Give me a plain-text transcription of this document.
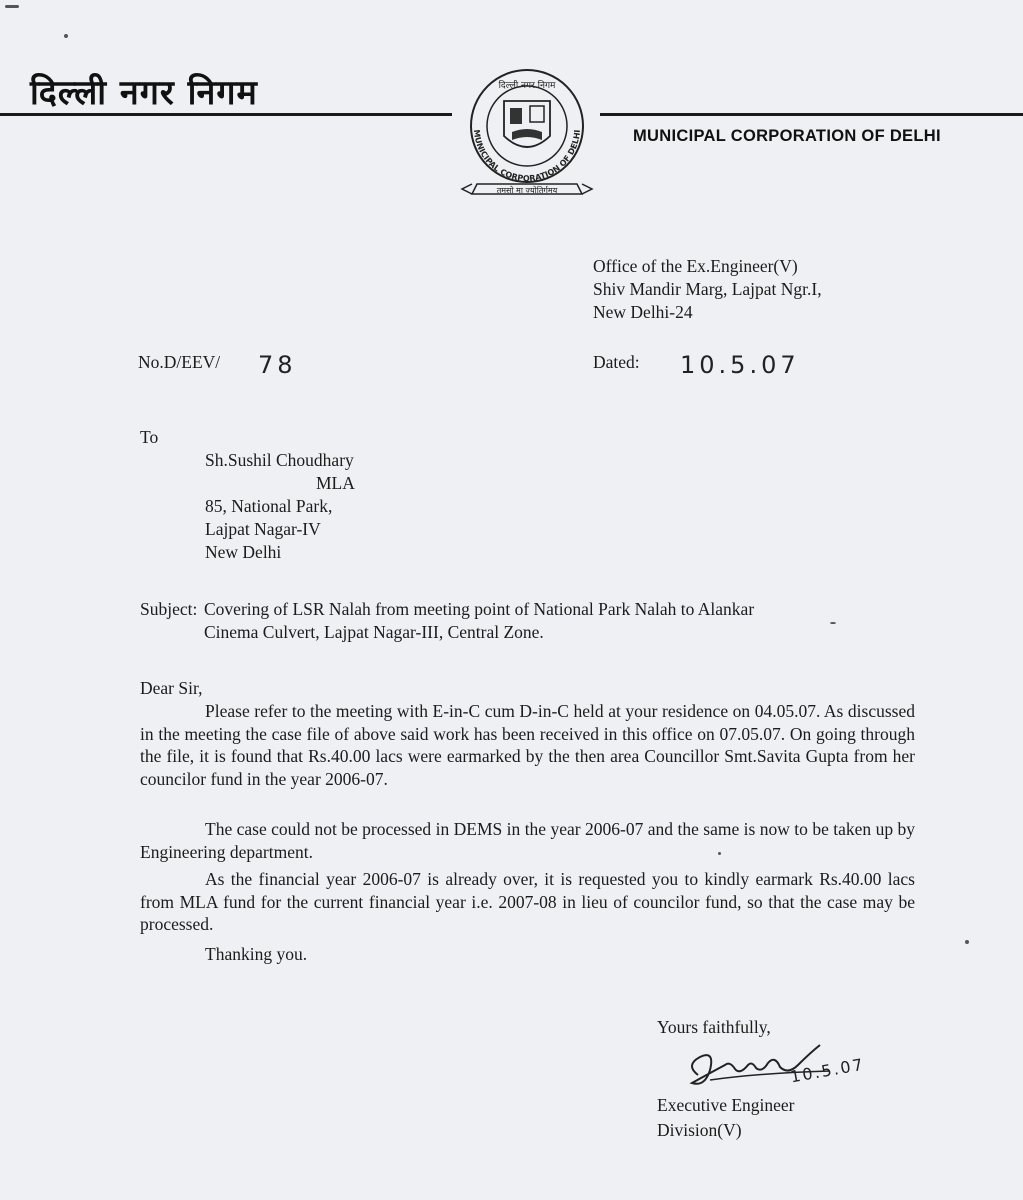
दिल्ली नगर निगम
MUNICIPAL CORPORATION OF DELHI
दिल्ली नगर निगम
MUNICIPAL CORPORATION OF DELHI
तमसो मा ज्योतिर्गमय
Office of the Ex.Engineer(V)
Shiv Mandir Marg, Lajpat Ngr.I,
New Delhi-24
No.D/EEV/ 78	Dated: 10.5.07
To
Sh.Sushil Choudhary
MLA
85, National Park,
Lajpat Nagar-IV
New Delhi
Subject: Covering of LSR Nalah from meeting point of National Park Nalah to Alankar
Cinema Culvert, Lajpat Nagar-III, Central Zone.
Dear Sir,
Please refer to the meeting with E-in-C cum D-in-C held at your residence on 04.05.07. As discussed in the meeting the case file of above said work has been received in this office on 07.05.07. On going through the file, it is found that Rs.40.00 lacs were earmarked by the then area Councillor Smt.Savita Gupta from her councilor fund in the year 2006-07.
The case could not be processed in DEMS in the year 2006-07 and the same is now to be taken up by Engineering department.
As the financial year 2006-07 is already over, it is requested you to kindly earmark Rs.40.00 lacs from MLA fund for the current financial year i.e. 2007-08 in lieu of councilor fund, so that the case may be processed.
Thanking you.
Yours faithfully,
10.5.07
Executive Engineer
Division(V)
